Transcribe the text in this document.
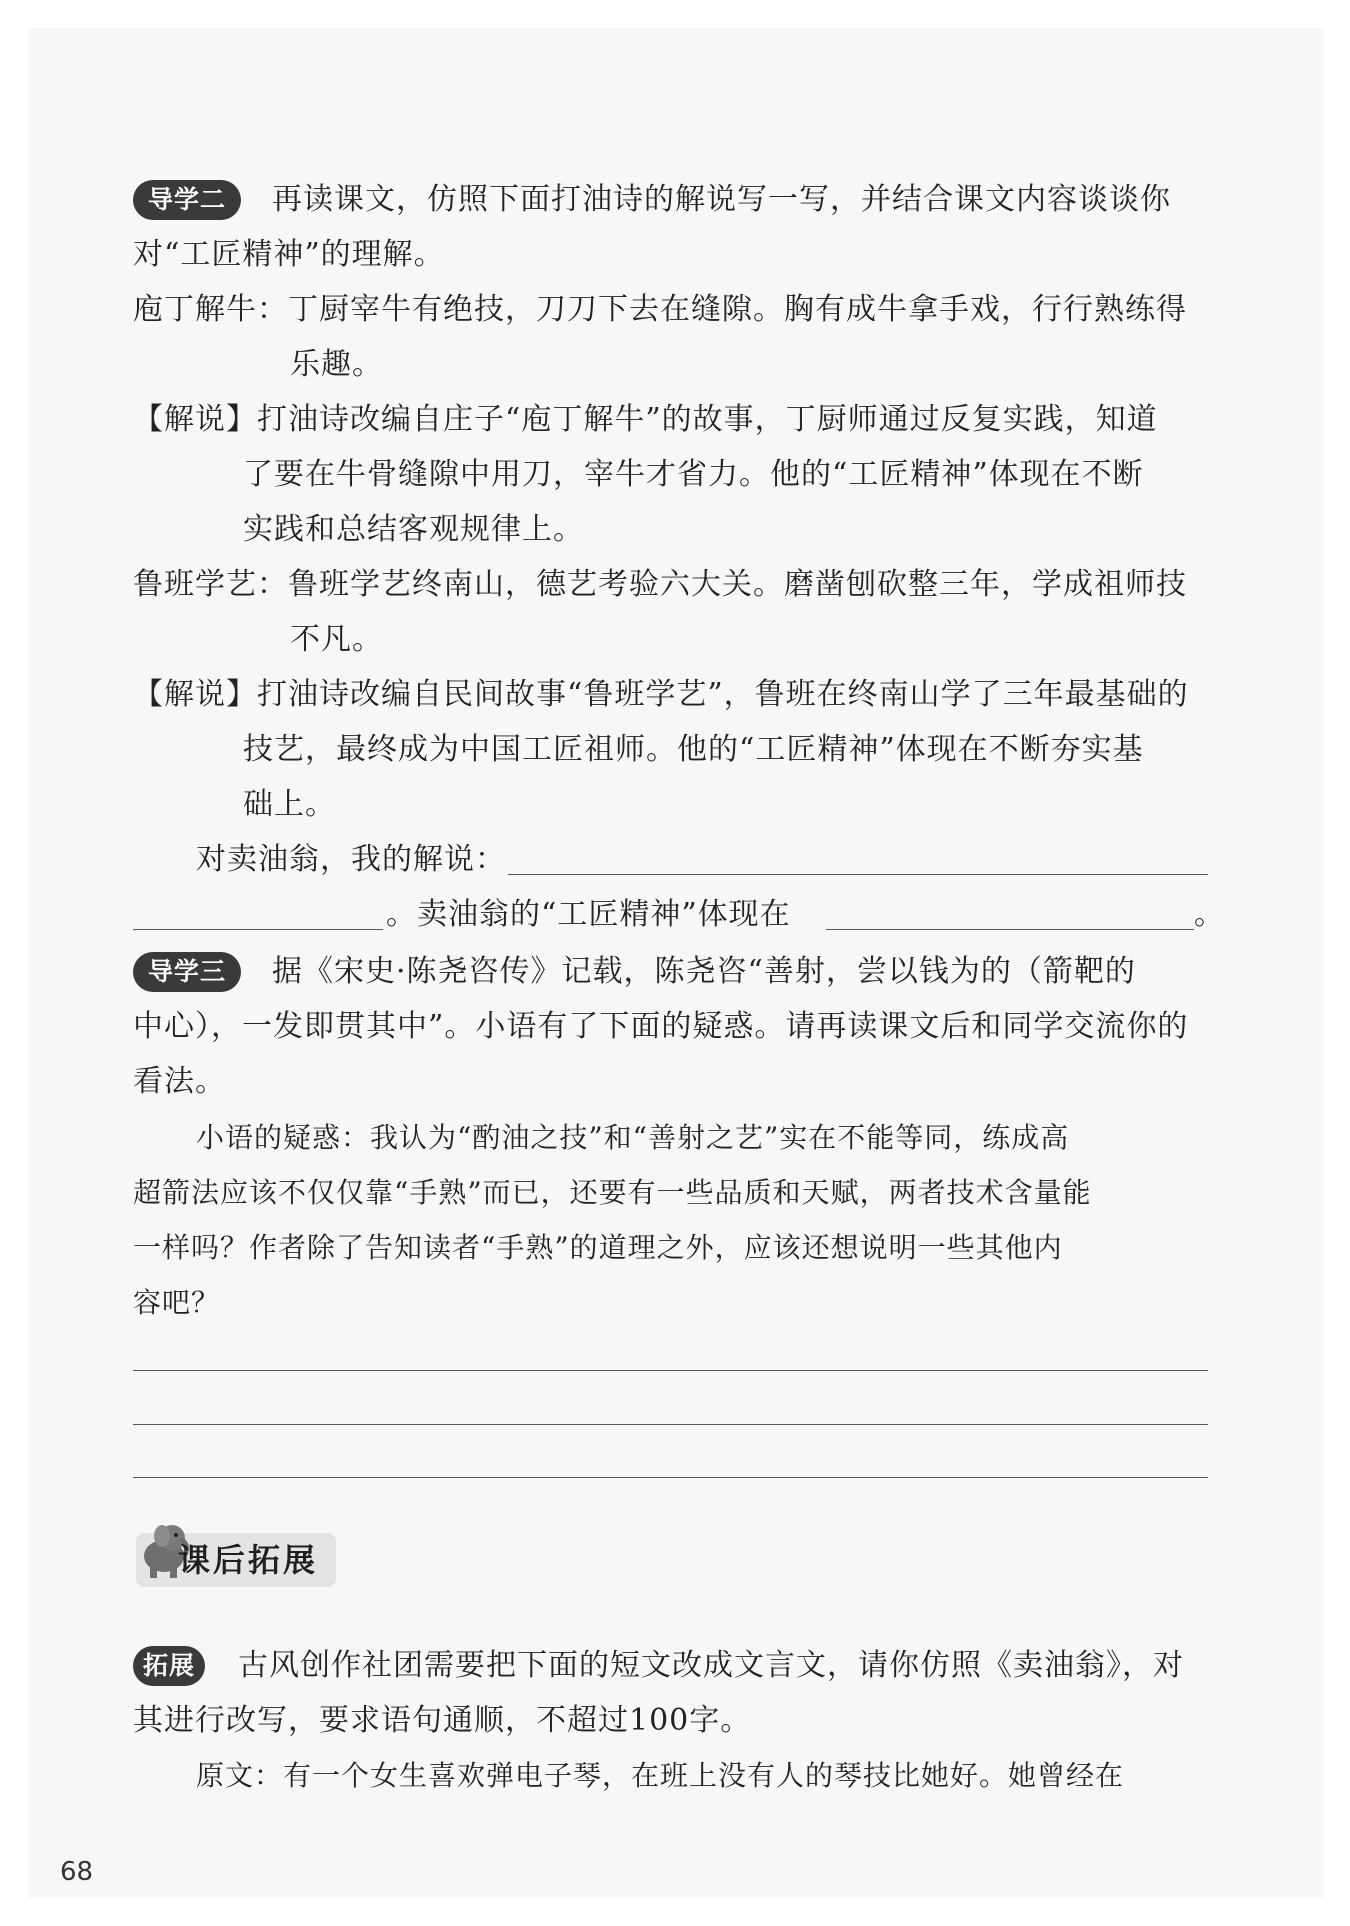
导学二	再读课文，仿照下面打油诗的解说写一写，并结合课文内容谈谈你
对“工匠精神”的理解。
庖丁解牛：丁厨宰牛有绝技，刀刀下去在缝隙。胸有成牛拿手戏，行行熟练得
乐趣。
【解说】打油诗改编自庄子“庖丁解牛”的故事，丁厨师通过反复实践，知道
了要在牛骨缝隙中用刀，宰牛才省力。他的“工匠精神”体现在不断
实践和总结客观规律上。
鲁班学艺：鲁班学艺终南山，德艺考验六大关。磨凿刨砍整三年，学成祖师技
不凡。
【解说】打油诗改编自民间故事“鲁班学艺”，鲁班在终南山学了三年最基础的
技艺，最终成为中国工匠祖师。他的“工匠精神”体现在不断夯实基
础上。
对卖油翁，我的解说：
。卖油翁的“工匠精神”体现在	。
导学三	据《宋史·陈尧咨传》记载，陈尧咨“善射，尝以钱为的（箭靶的
中心），一发即贯其中”。小语有了下面的疑惑。请再读课文后和同学交流你的
看法。
小语的疑惑：我认为“酌油之技”和“善射之艺”实在不能等同，练成高
超箭法应该不仅仅靠“手熟”而已，还要有一些品质和天赋，两者技术含量能
一样吗？作者除了告知读者“手熟”的道理之外，应该还想说明一些其他内
容吧？
课后拓展
拓展	古风创作社团需要把下面的短文改成文言文，请你仿照《卖油翁》，对
其进行改写，要求语句通顺，不超过100字。
原文：有一个女生喜欢弹电子琴，在班上没有人的琴技比她好。她曾经在
68
